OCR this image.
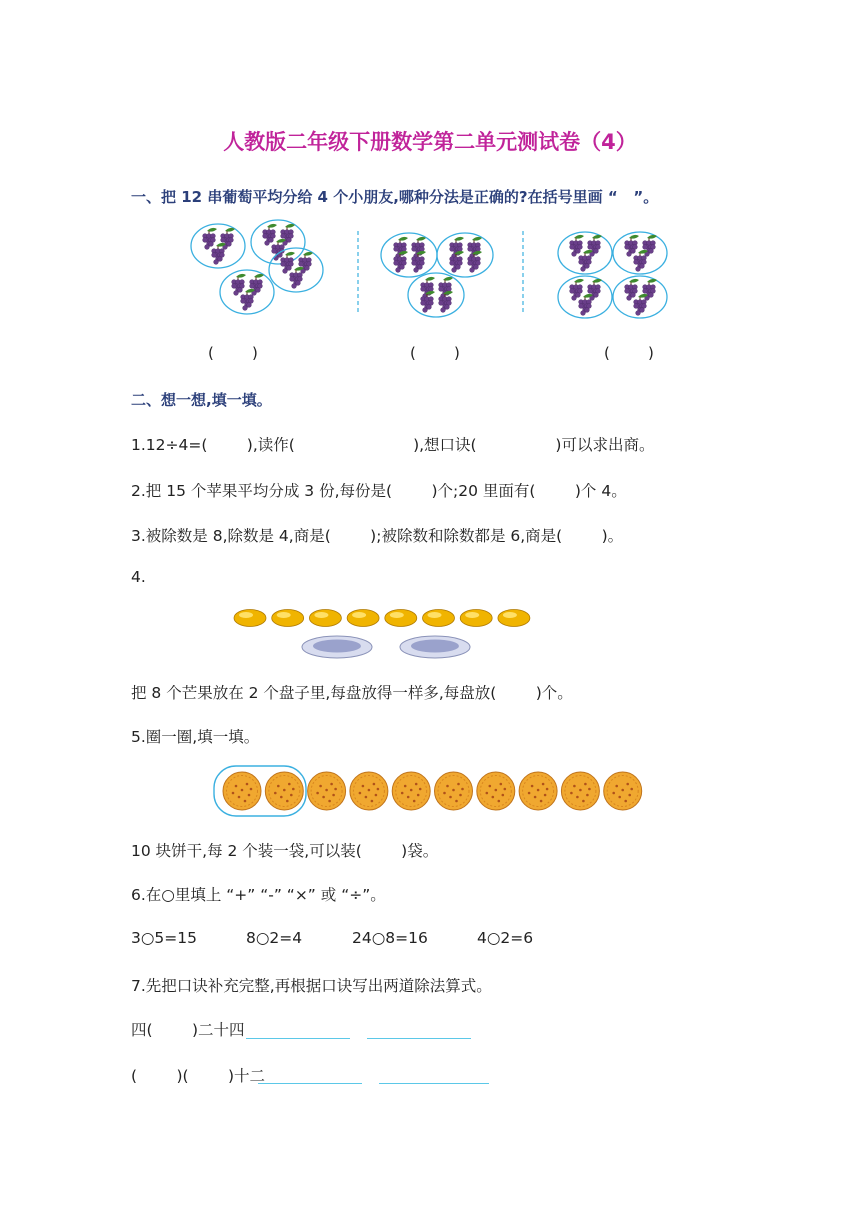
人教版二年级下册数学第二单元测试卷（4）
一、把 12 串葡萄平均分给 4 个小朋友,哪种分法是正确的?在括号里画 “   ”。
(        )	(        )	(        )
二、想一想,填一填。
1.12÷4=(        ),读作(                        ),想口诀(                )可以求出商。
2.把 15 个苹果平均分成 3 份,每份是(        )个;20 里面有(        )个 4。
3.被除数是 8,除数是 4,商是(        );被除数和除数都是 6,商是(        )。
4.
把 8 个芒果放在 2 个盘子里,每盘放得一样多,每盘放(        )个。
5.圈一圈,填一填。
10 块饼干,每 2 个装一袋,可以装(        )袋。
6.在○里填上 “+” “-” “×” 或 “÷”。
3○5=15	8○2=4	24○8=16	4○2=6
7.先把口诀补充完整,再根据口诀写出两道除法算式。
四(        )二十四
(        )(        )十二
